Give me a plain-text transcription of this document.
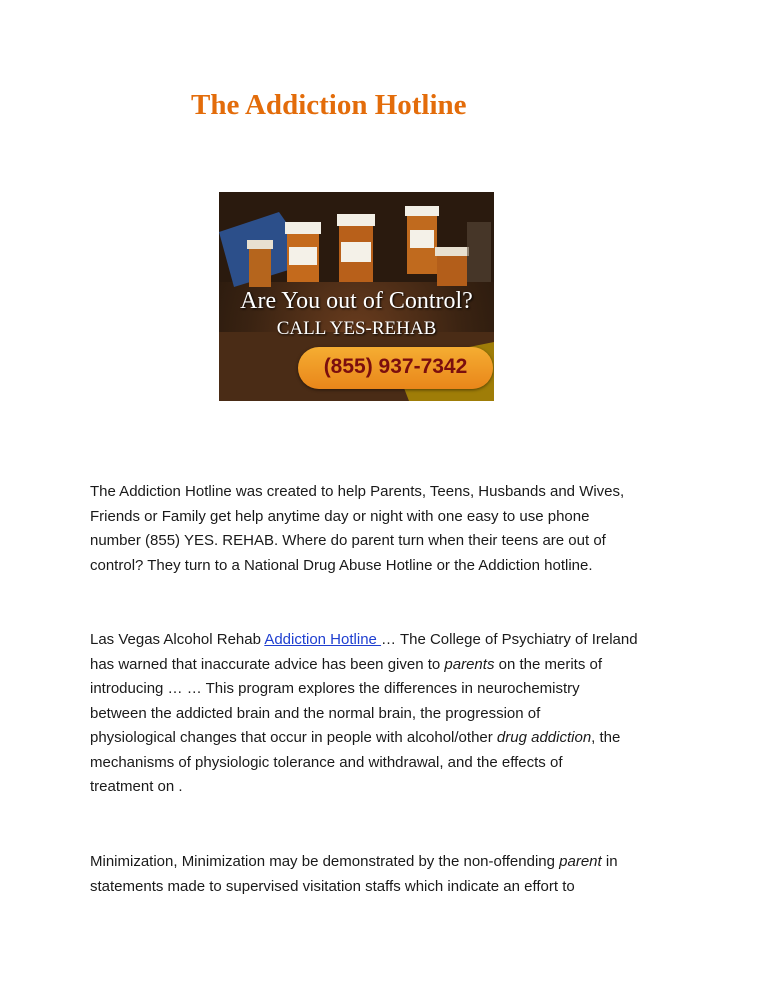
The Addiction Hotline
Are You out of Control?
CALL YES-REHAB
(855) 937-7342

The Addiction Hotline was created to help Parents, Teens, Husbands and Wives,
Friends or Family get help anytime day or night with one easy to use phone
number (855) YES. REHAB. Where do parent turn when their teens are out of
control? They turn to a National Drug Abuse Hotline or the Addiction hotline.

Las Vegas Alcohol Rehab Addiction Hotline … The College of Psychiatry of Ireland
has warned that inaccurate advice has been given to parents on the merits of
introducing … … This program explores the differences in neurochemistry
between the addicted brain and the normal brain, the progression of
physiological changes that occur in people with alcohol/other drug addiction, the
mechanisms of physiologic tolerance and withdrawal, and the effects of
treatment on .

Minimization, Minimization may be demonstrated by the non-offending parent in
statements made to supervised visitation staffs which indicate an effort to
